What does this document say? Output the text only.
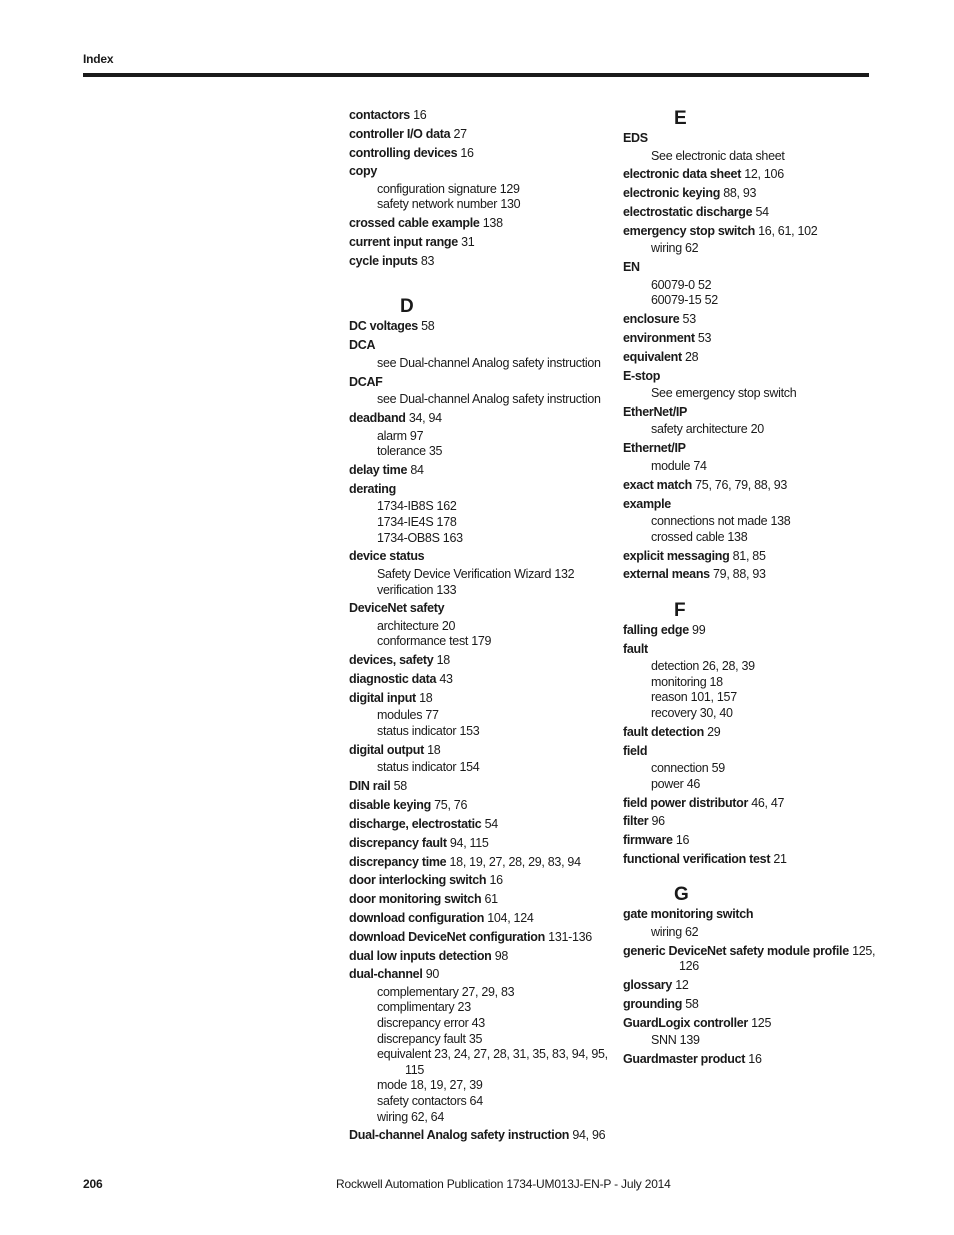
Index
contactors 16
controller I/O data 27
controlling devices 16
copy
configuration signature 129
safety network number 130
crossed cable example 138
current input range 31
cycle inputs 83
D
DC voltages 58
DCA
see Dual-channel Analog safety instruction
DCAF
see Dual-channel Analog safety instruction
deadband 34, 94
alarm 97
tolerance 35
delay time 84
derating
1734-IB8S 162
1734-IE4S 178
1734-OB8S 163
device status
Safety Device Verification Wizard 132
verification 133
DeviceNet safety
architecture 20
conformance test 179
devices, safety 18
diagnostic data 43
digital input 18
modules 77
status indicator 153
digital output 18
status indicator 154
DIN rail 58
disable keying 75, 76
discharge, electrostatic 54
discrepancy fault 94, 115
discrepancy time 18, 19, 27, 28, 29, 83, 94
door interlocking switch 16
door monitoring switch 61
download configuration 104, 124
download DeviceNet configuration 131-136
dual low inputs detection 98
dual-channel 90
complementary 27, 29, 83
complimentary 23
discrepancy error 43
discrepancy fault 35
equivalent 23, 24, 27, 28, 31, 35, 83, 94, 95,
115
mode 18, 19, 27, 39
safety contactors 64
wiring 62, 64
Dual-channel Analog safety instruction 94, 96
E
EDS
See electronic data sheet
electronic data sheet 12, 106
electronic keying 88, 93
electrostatic discharge 54
emergency stop switch 16, 61, 102
wiring 62
EN
60079-0 52
60079-15 52
enclosure 53
environment 53
equivalent 28
E-stop
See emergency stop switch
EtherNet/IP
safety architecture 20
Ethernet/IP
module 74
exact match 75, 76, 79, 88, 93
example
connections not made 138
crossed cable 138
explicit messaging 81, 85
external means 79, 88, 93
F
falling edge 99
fault
detection 26, 28, 39
monitoring 18
reason 101, 157
recovery 30, 40
fault detection 29
field
connection 59
power 46
field power distributor 46, 47
filter 96
firmware 16
functional verification test 21
G
gate monitoring switch
wiring 62
generic DeviceNet safety module profile 125,
126
glossary 12
grounding 58
GuardLogix controller 125
SNN 139
Guardmaster product 16
206	Rockwell Automation Publication 1734-UM013J-EN-P - July 2014
